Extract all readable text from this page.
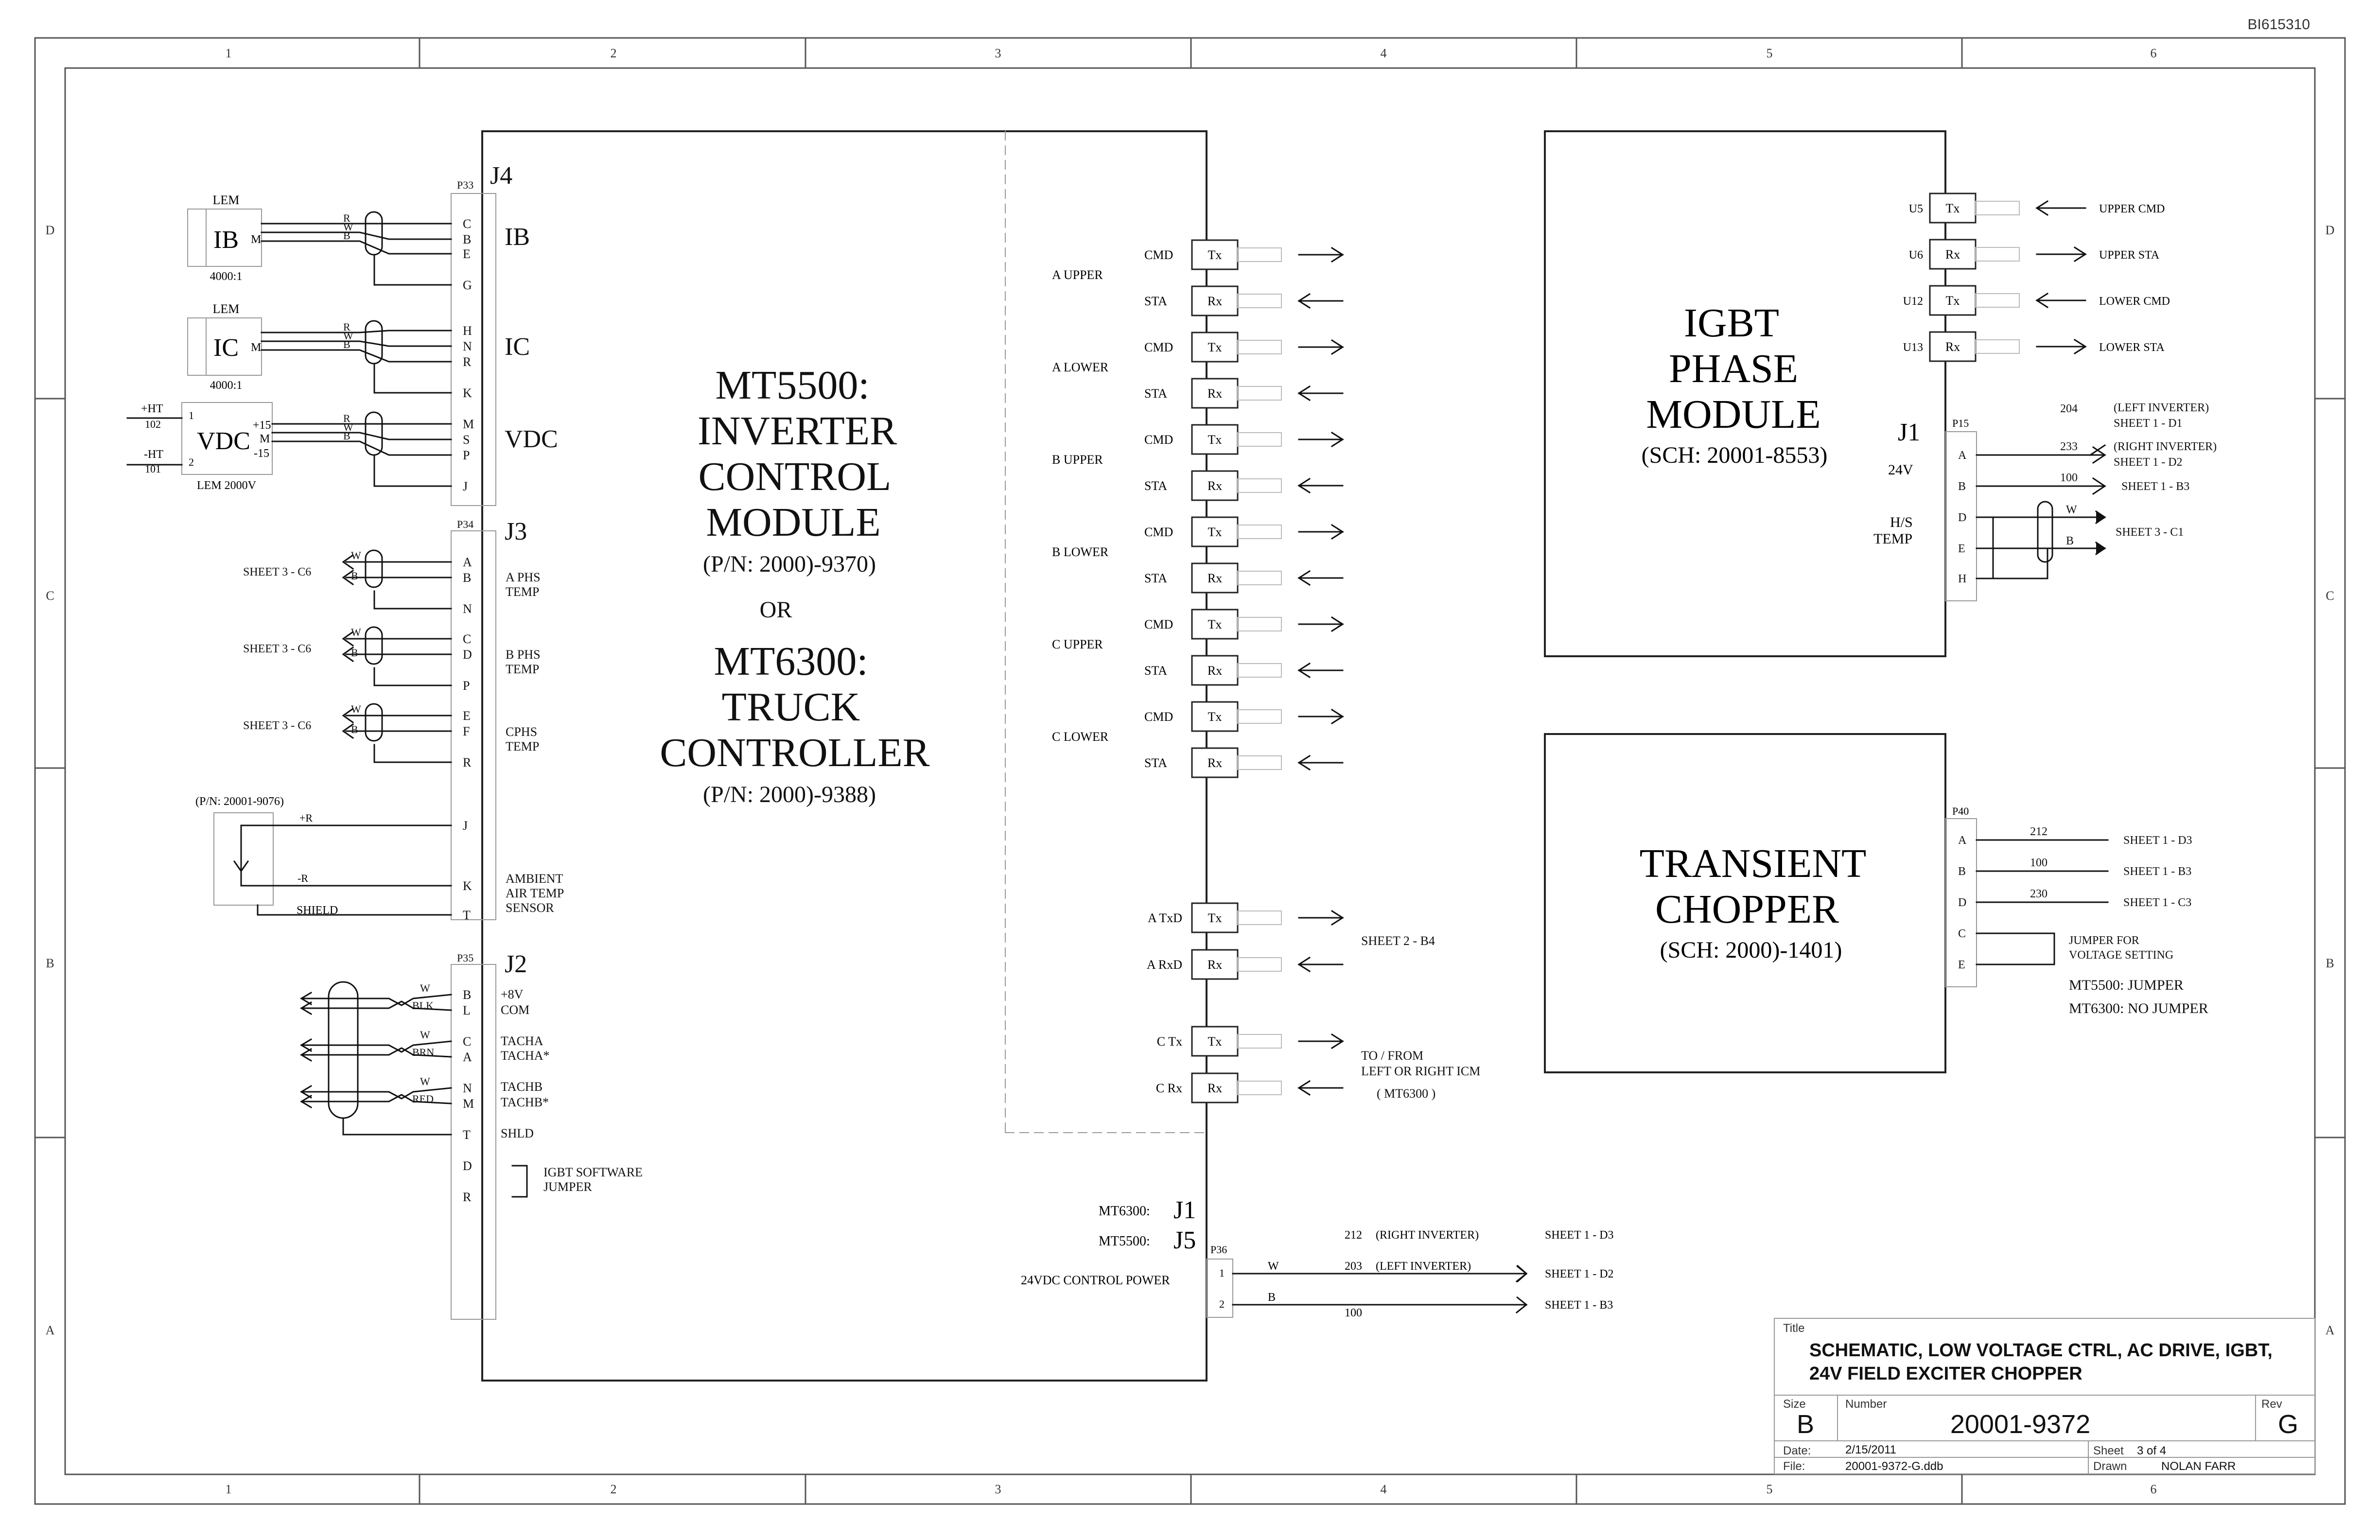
1	2	3	4	5	6
1	2	3	4	5	6
D
C
B
A
D
C
B
A
BI615310
MT5500:
INVERTER
CONTROL
MODULE
(P/N: 2000)-9370)
OR
MT6300:
TRUCK
CONTROLLER
(P/N: 2000)-9388)
J4
P33
IB
IC
VDC
J3
P34
J2
P35
C
B
E
G
H
N
R
K
M
S
P
J
A
B
N
C
D
P
E
F
R
J
K
T
B
L
C
A
N
M
T
D
R
A PHS
TEMP
B PHS
TEMP
CPHS
TEMP
AMBIENT
AIR TEMP
SENSOR
+8V
COM
TACHA
TACHA*
TACHB
TACHB*
SHLD
IGBT SOFTWARE
JUMPER
LEM
IB M
4000:1
LEM
IC M
4000:1
VDC
+15
M
-15
LEM 2000V
+HT
102
-HT
101
1
2
R
W
B
R
W
B
R
W
B
W
B
W
B
W
B
SHEET 3 - C6
SHEET 3 - C6
SHEET 3 - C6
(P/N: 20001-9076)
+R
-R
SHIELD
W
BLK
W
BRN
W
RED
A UPPER
CMD	Tx
STA	Rx
A LOWER
CMD	Tx
STA	Rx
B UPPER
CMD	Tx
STA	Rx
B LOWER
CMD	Tx
STA	Rx
C UPPER
CMD	Tx
STA	Rx
C LOWER
CMD	Tx
STA	Rx
A TxD Tx
A RxD Rx
C Tx Tx
C Rx Rx
SHEET 2 - B4
TO / FROM
LEFT OR RIGHT ICM
( MT6300 )
MT6300: J1
MT5500: J5 P36
24VDC CONTROL POWER
1
2
W
B
212 (RIGHT INVERTER)
203 (LEFT INVERTER)
100
SHEET 1 - D3
SHEET 1 - D2
SHEET 1 - B3
IGBT
PHASE
MODULE
(SCH: 20001-8553)
J1
24V
H/S
TEMP
P15
U5 Tx	UPPER CMD
U6 Rx	UPPER STA
U12 Tx	LOWER CMD
U13 Rx	LOWER STA
A
B
D
E
H
204	(LEFT INVERTER)
SHEET 1 - D1
233	(RIGHT INVERTER)
SHEET 1 - D2
100
SHEET 1 - B3
W
B
SHEET 3 - C1
TRANSIENT
CHOPPER
(SCH: 2000)-1401)
P40
A
B
D
C
E
212
100
230
SHEET 1 - D3
SHEET 1 - B3
SHEET 1 - C3
JUMPER FOR
VOLTAGE SETTING
MT5500: JUMPER
MT6300: NO JUMPER
Title
SCHEMATIC, LOW VOLTAGE CTRL, AC DRIVE, IGBT,
24V FIELD EXCITER CHOPPER
Size
B
Number
20001-9372
Rev
G
Date:	2/15/2011
File:	20001-9372-G.ddb
Sheet 3 of 4
Drawn	NOLAN FARR
